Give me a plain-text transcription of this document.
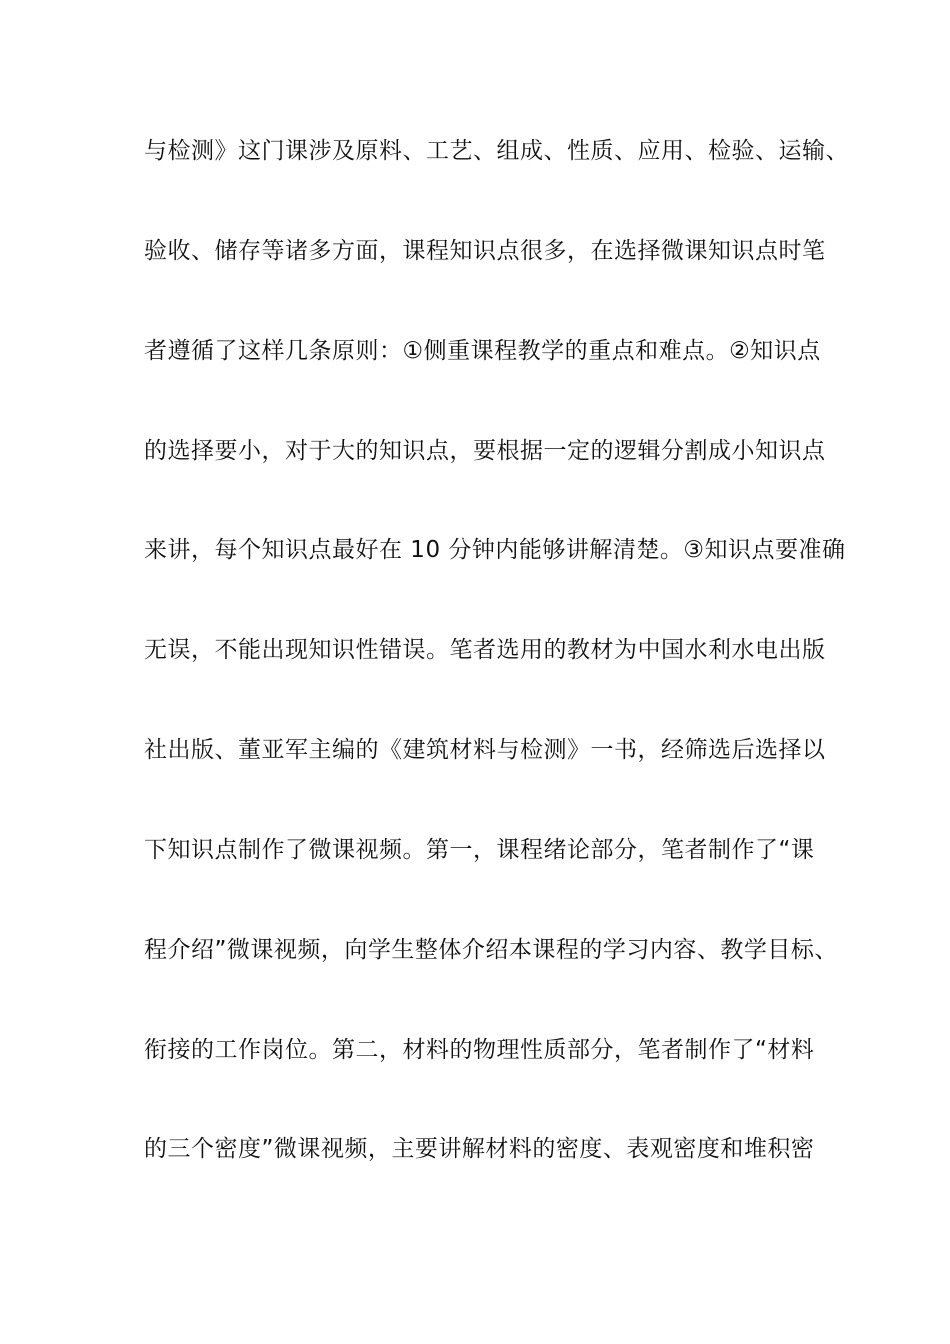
与检测》这门课涉及原料、工艺、组成、性质、应用、检验、运输、
验收、储存等诸多方面，课程知识点很多，在选择微课知识点时笔
者遵循了这样几条原则：①侧重课程教学的重点和难点。②知识点
的选择要小，对于大的知识点，要根据一定的逻辑分割成小知识点
来讲，每个知识点最好在 10 分钟内能够讲解清楚。③知识点要准确
无误，不能出现知识性错误。笔者选用的教材为中国水利水电出版
社出版、董亚军主编的《建筑材料与检测》一书，经筛选后选择以
下知识点制作了微课视频。第一，课程绪论部分，笔者制作了“课
程介绍”微课视频，向学生整体介绍本课程的学习内容、教学目标、
衔接的工作岗位。第二，材料的物理性质部分，笔者制作了“材料
的三个密度”微课视频，主要讲解材料的密度、表观密度和堆积密
